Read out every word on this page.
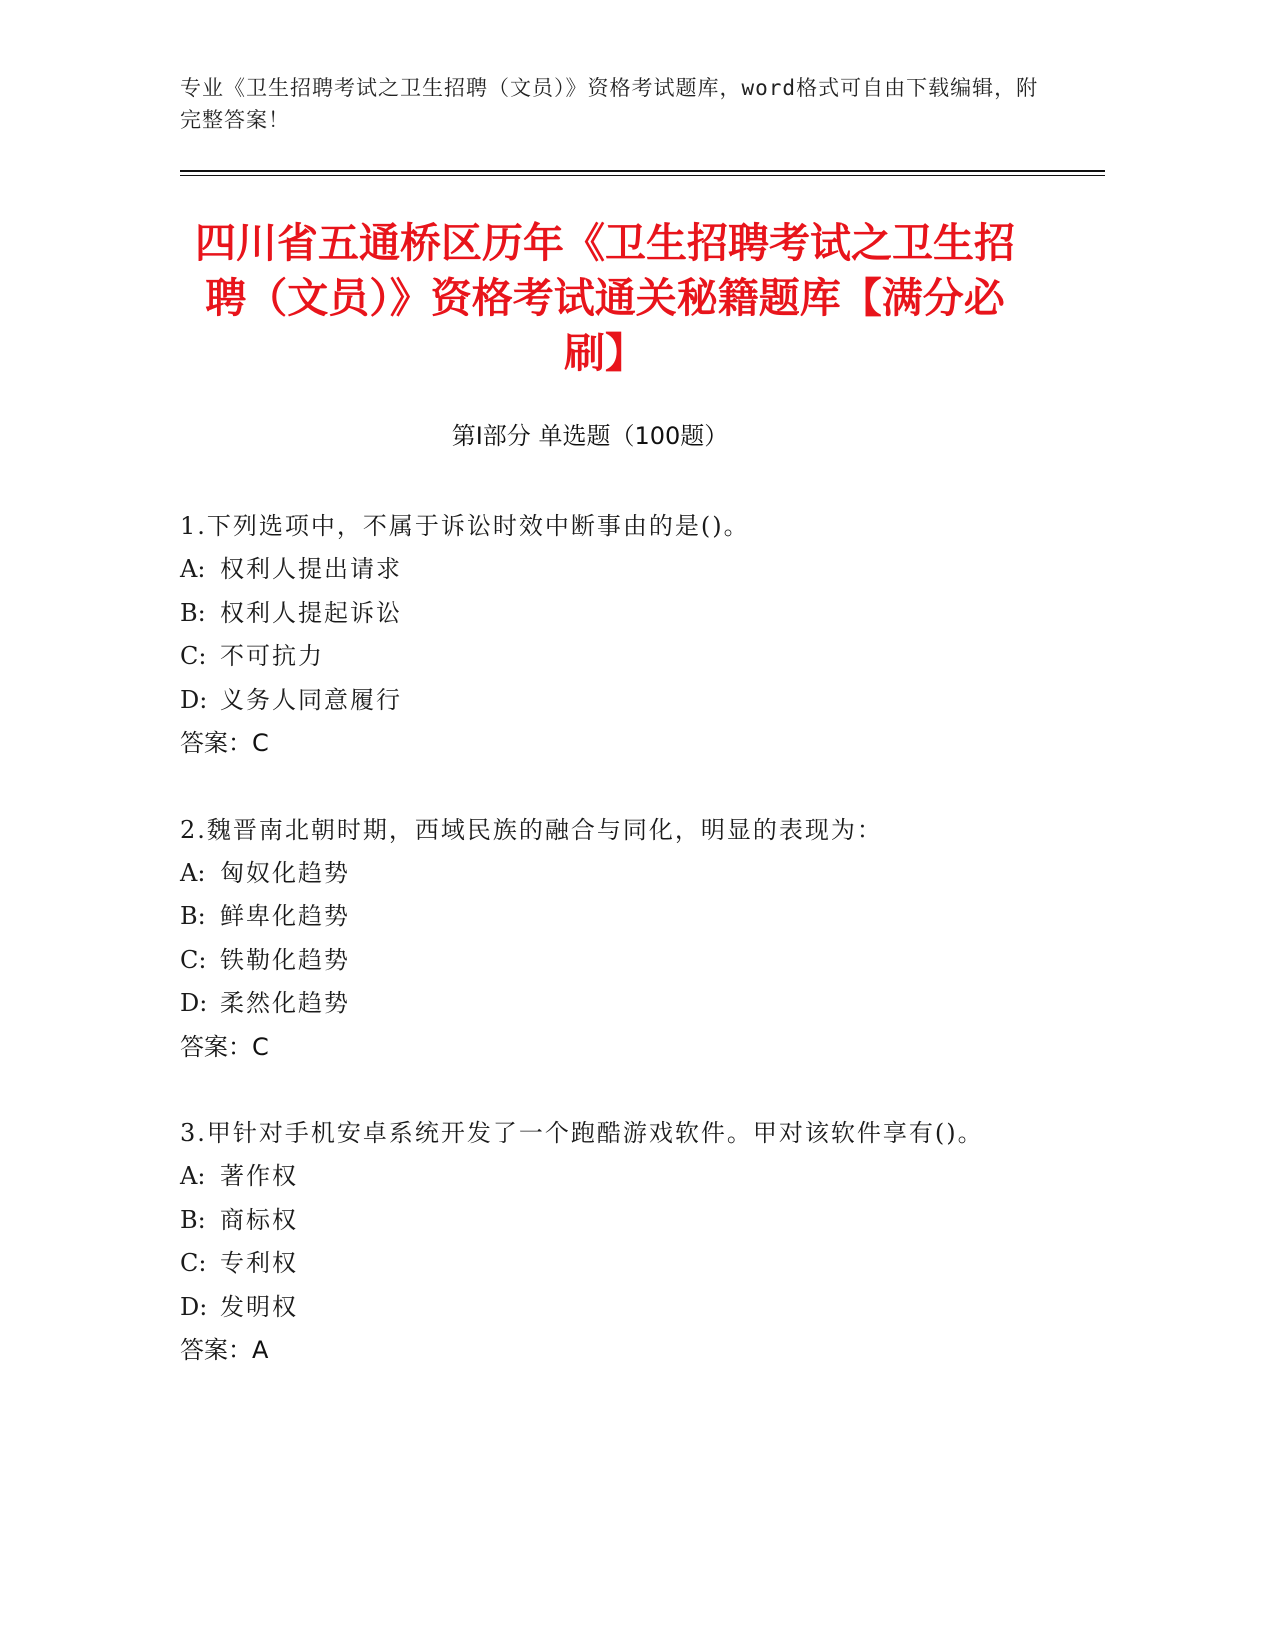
专业《卫生招聘考试之卫生招聘（文员）》资格考试题库，word格式可自由下载编辑，附完整答案！
四川省五通桥区历年《卫生招聘考试之卫生招聘（文员）》资格考试通关秘籍题库【满分必刷】
第Ⅰ部分 单选题（100题）
1.下列选项中，不属于诉讼时效中断事由的是()。
A: 权利人提出请求
B: 权利人提起诉讼
C: 不可抗力
D: 义务人同意履行
答案：C
2.魏晋南北朝时期，西域民族的融合与同化，明显的表现为：
A: 匈奴化趋势
B: 鲜卑化趋势
C: 铁勒化趋势
D: 柔然化趋势
答案：C
3.甲针对手机安卓系统开发了一个跑酷游戏软件。甲对该软件享有()。
A: 著作权
B: 商标权
C: 专利权
D: 发明权
答案：A
